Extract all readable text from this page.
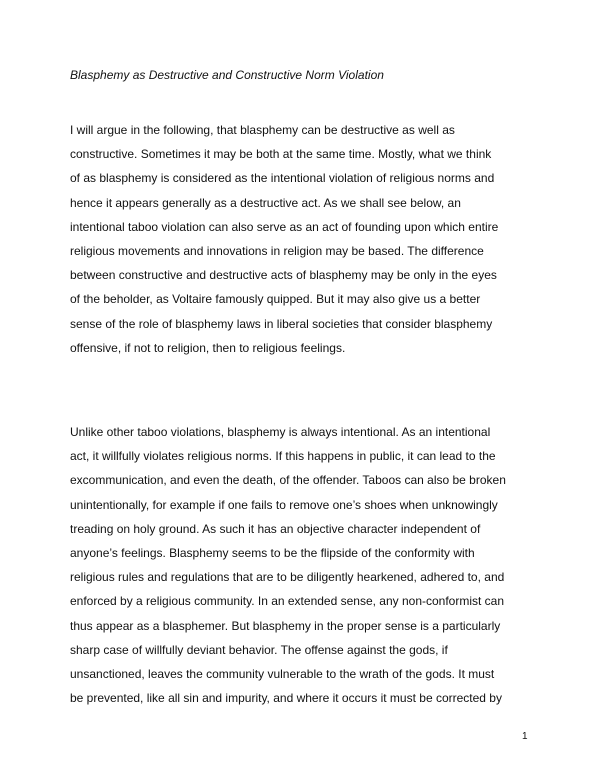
Blasphemy as Destructive and Constructive Norm Violation
I will argue in the following, that blasphemy can be destructive as well as
constructive. Sometimes it may be both at the same time. Mostly, what we think
of as blasphemy is considered as the intentional violation of religious norms and
hence it appears generally as a destructive act. As we shall see below, an
intentional taboo violation can also serve as an act of founding upon which entire
religious movements and innovations in religion may be based. The difference
between constructive and destructive acts of blasphemy may be only in the eyes
of the beholder, as Voltaire famously quipped. But it may also give us a better
sense of the role of blasphemy laws in liberal societies that consider blasphemy
offensive, if not to religion, then to religious feelings.
Unlike other taboo violations, blasphemy is always intentional. As an intentional
act, it willfully violates religious norms. If this happens in public, it can lead to the
excommunication, and even the death, of the offender. Taboos can also be broken
unintentionally, for example if one fails to remove one’s shoes when unknowingly
treading on holy ground. As such it has an objective character independent of
anyone’s feelings. Blasphemy seems to be the flipside of the conformity with
religious rules and regulations that are to be diligently hearkened, adhered to, and
enforced by a religious community. In an extended sense, any non-conformist can
thus appear as a blasphemer. But blasphemy in the proper sense is a particularly
sharp case of willfully deviant behavior. The offense against the gods, if
unsanctioned, leaves the community vulnerable to the wrath of the gods. It must
be prevented, like all sin and impurity, and where it occurs it must be corrected by
1
